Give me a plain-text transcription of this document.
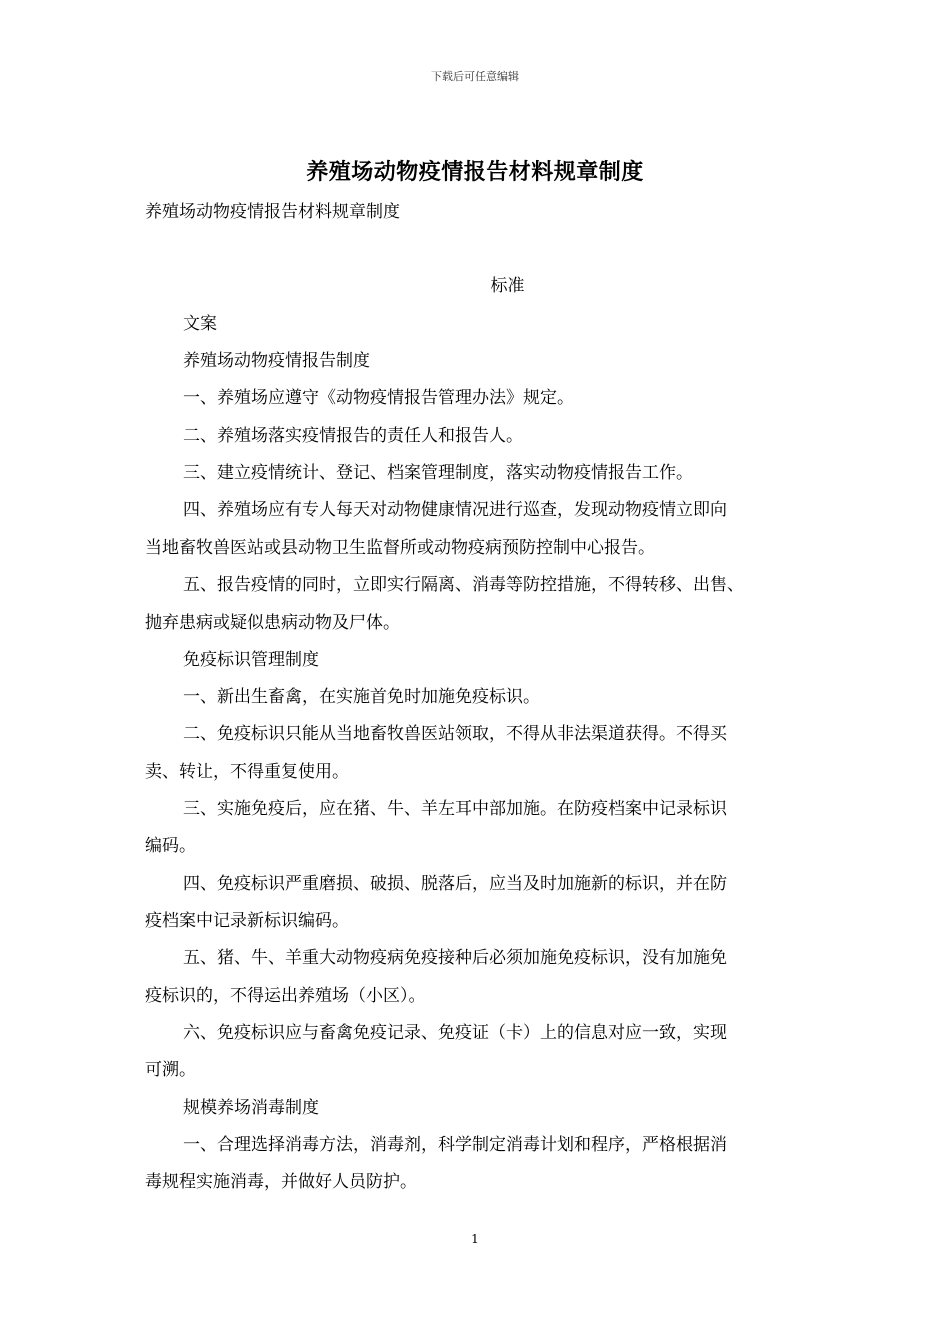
下载后可任意编辑
养殖场动物疫情报告材料规章制度
养殖场动物疫情报告材料规章制度
标准
文案
养殖场动物疫情报告制度
一、养殖场应遵守《动物疫情报告管理办法》规定。
二、养殖场落实疫情报告的责任人和报告人。
三、建立疫情统计、登记、档案管理制度，落实动物疫情报告工作。
四、养殖场应有专人每天对动物健康情况进行巡查，发现动物疫情立即向
当地畜牧兽医站或县动物卫生监督所或动物疫病预防控制中心报告。
五、报告疫情的同时，立即实行隔离、消毒等防控措施，不得转移、出售、
抛弃患病或疑似患病动物及尸体。
免疫标识管理制度
一、新出生畜禽，在实施首免时加施免疫标识。
二、免疫标识只能从当地畜牧兽医站领取，不得从非法渠道获得。不得买
卖、转让，不得重复使用。
三、实施免疫后，应在猪、牛、羊左耳中部加施。在防疫档案中记录标识
编码。
四、免疫标识严重磨损、破损、脱落后，应当及时加施新的标识，并在防
疫档案中记录新标识编码。
五、猪、牛、羊重大动物疫病免疫接种后必须加施免疫标识，没有加施免
疫标识的，不得运出养殖场（小区）。
六、免疫标识应与畜禽免疫记录、免疫证（卡）上的信息对应一致，实现
可溯。
规模养场消毒制度
一、合理选择消毒方法，消毒剂，科学制定消毒计划和程序，严格根据消
毒规程实施消毒，并做好人员防护。
1
